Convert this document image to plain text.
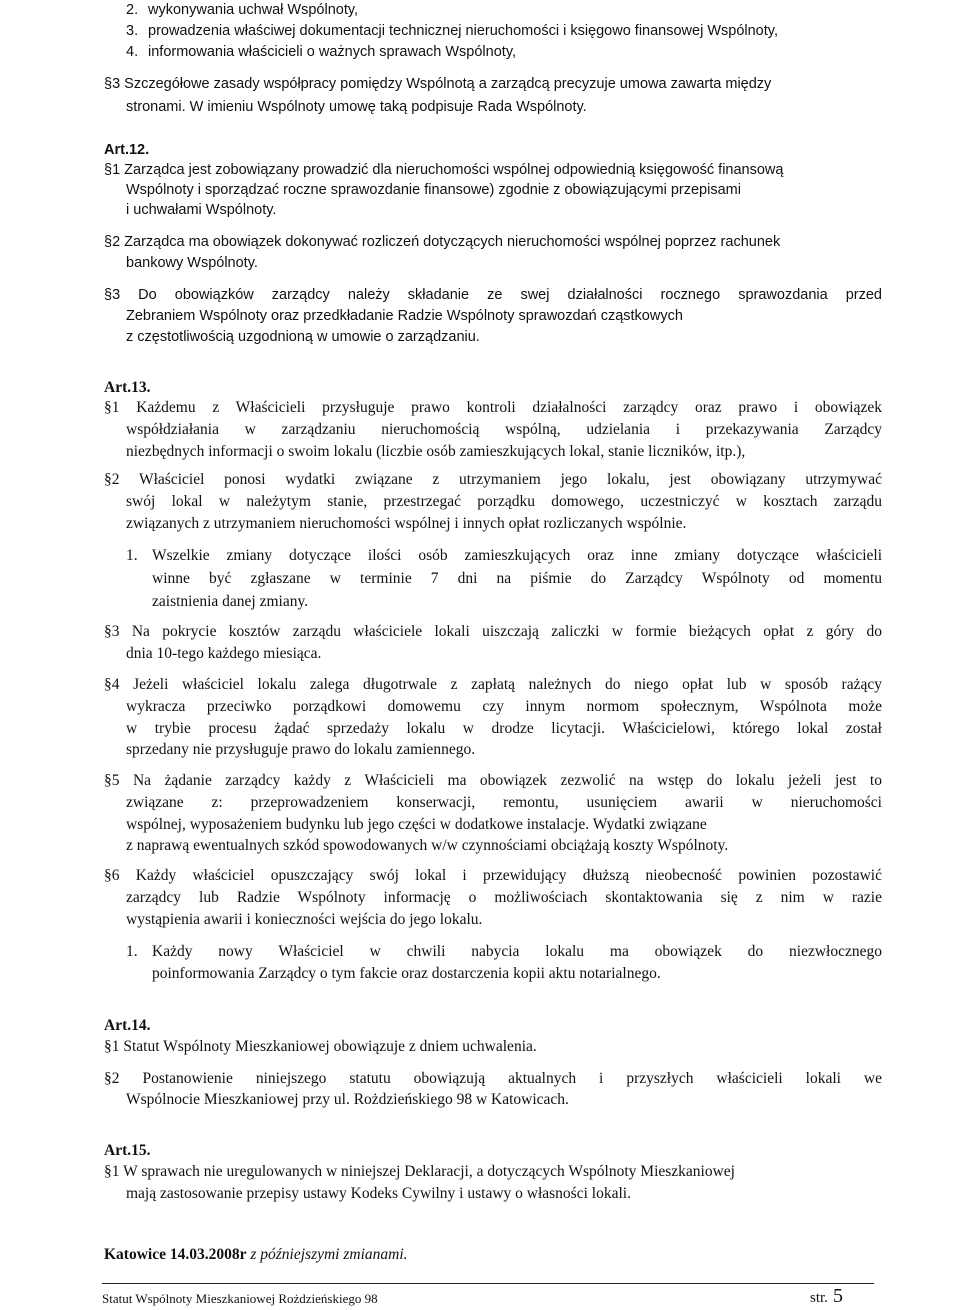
2. wykonywania uchwał Wspólnoty,
3. prowadzenia właściwej dokumentacji technicznej nieruchomości i księgowo finansowej Wspólnoty,
4. informowania właścicieli o ważnych sprawach Wspólnoty,
§3 Szczegółowe zasady współpracy pomiędzy Wspólnotą a zarządcą precyzuje umowa zawarta między
stronami. W imieniu Wspólnoty umowę taką podpisuje Rada Wspólnoty.
Art.12.
§1 Zarządca jest zobowiązany prowadzić dla nieruchomości wspólnej odpowiednią księgowość finansową
Wspólnoty i sporządzać roczne sprawozdanie finansowe) zgodnie z obowiązującymi przepisami
i uchwałami Wspólnoty.
§2 Zarządca ma obowiązek dokonywać rozliczeń dotyczących nieruchomości wspólnej poprzez rachunek
bankowy Wspólnoty.
§3 Do obowiązków zarządcy należy składanie ze swej działalności rocznego sprawozdania przed
Zebraniem Wspólnoty oraz przedkładanie Radzie Wspólnoty sprawozdań cząstkowych
z częstotliwością uzgodnioną w umowie o zarządzaniu.
Art.13.
§1 Każdemu z Właścicieli przysługuje prawo kontroli działalności zarządcy oraz prawo i obowiązek
współdziałania w zarządzaniu nieruchomością wspólną, udzielania i przekazywania Zarządcy
niezbędnych informacji o swoim lokalu (liczbie osób zamieszkujących lokal, stanie liczników, itp.),
§2 Właściciel ponosi wydatki związane z utrzymaniem jego lokalu, jest obowiązany utrzymywać
swój lokal w należytym stanie, przestrzegać porządku domowego, uczestniczyć w kosztach zarządu
związanych z utrzymaniem nieruchomości wspólnej i innych opłat rozliczanych wspólnie.
1. Wszelkie zmiany dotyczące ilości osób zamieszkujących oraz inne zmiany dotyczące właścicieli
winne być zgłaszane w terminie 7 dni na piśmie do Zarządcy Wspólnoty od momentu
zaistnienia danej zmiany.
§3 Na pokrycie kosztów zarządu właściciele lokali uiszczają zaliczki w formie bieżących opłat z góry do
dnia 10-tego każdego miesiąca.
§4 Jeżeli właściciel lokalu zalega długotrwale z zapłatą należnych do niego opłat lub w sposób rażący
wykracza przeciwko porządkowi domowemu czy innym normom społecznym, Wspólnota może
w trybie procesu żądać sprzedaży lokalu w drodze licytacji. Właścicielowi, którego lokal został
sprzedany nie przysługuje prawo do lokalu zamiennego.
§5 Na żądanie zarządcy każdy z Właścicieli ma obowiązek zezwolić na wstęp do lokalu jeżeli jest to
związane z: przeprowadzeniem konserwacji, remontu, usunięciem awarii w nieruchomości
wspólnej, wyposażeniem budynku lub jego części w dodatkowe instalacje. Wydatki związane
z naprawą ewentualnych szkód spowodowanych w/w czynnościami obciążają koszty Wspólnoty.
§6 Każdy właściciel opuszczający swój lokal i przewidujący dłuższą nieobecność powinien pozostawić
zarządcy lub Radzie Wspólnoty informację o możliwościach skontaktowania się z nim w razie
wystąpienia awarii i konieczności wejścia do jego lokalu.
1. Każdy nowy Właściciel w chwili nabycia lokalu ma obowiązek do niezwłocznego
poinformowania Zarządcy o tym fakcie oraz dostarczenia kopii aktu notarialnego.
Art.14.
§1 Statut Wspólnoty Mieszkaniowej obowiązuje z dniem uchwalenia.
§2 Postanowienie niniejszego statutu obowiązują aktualnych i przyszłych właścicieli lokali we
Wspólnocie Mieszkaniowej przy ul. Rożdzieńskiego 98 w Katowicach.
Art.15.
§1 W sprawach nie uregulowanych w niniejszej Deklaracji, a dotyczących Wspólnoty Mieszkaniowej
mają zastosowanie przepisy ustawy Kodeks Cywilny i ustawy o własności lokali.
Katowice 14.03.2008r z późniejszymi zmianami.
Statut Wspólnoty Mieszkaniowej Rożdzieńskiego 98	str. 5
